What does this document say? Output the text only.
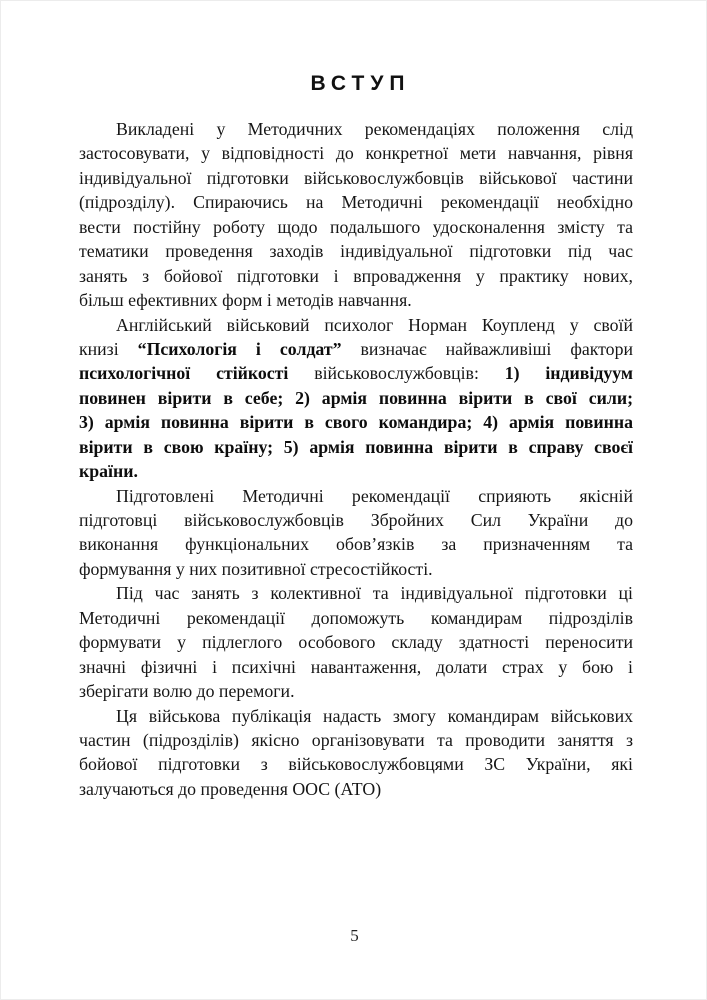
ВСТУП
Викладені у Методичних рекомендаціях положення слід
застосовувати, у відповідності до конкретної мети навчання, рівня
індивідуальної підготовки військовослужбовців військової частини
(підрозділу). Спираючись на Методичні рекомендації необхідно
вести постійну роботу щодо подальшого удосконалення змісту та
тематики проведення заходів індивідуальної підготовки під час
занять з бойової підготовки і впровадження у практику нових,
більш ефективних форм і методів навчання.
Англійський військовий психолог Норман Коупленд у своїй
книзі “Психологія і солдат” визначає найважливіші фактори
психологічної стійкості військовослужбовців: 1) індивідуум
повинен вірити в себе; 2) армія повинна вірити в свої сили;
3) армія повинна вірити в свого командира; 4) армія повинна
вірити в свою країну; 5) армія повинна вірити в справу своєї
країни.
Підготовлені Методичні рекомендації сприяють якісній
підготовці військовослужбовців Збройних Сил України до
виконання функціональних обов’язків за призначенням та
формування у них позитивної стресостійкості.
Під час занять з колективної та індивідуальної підготовки ці
Методичні рекомендації допоможуть командирам підрозділів
формувати у підлеглого особового складу здатності переносити
значні фізичні і психічні навантаження, долати страх у бою і
зберігати волю до перемоги.
Ця військова публікація надасть змогу командирам військових
частин (підрозділів) якісно організовувати та проводити заняття з
бойової підготовки з військовослужбовцями ЗС України, які
залучаються до проведення ООС (АТО)
5
